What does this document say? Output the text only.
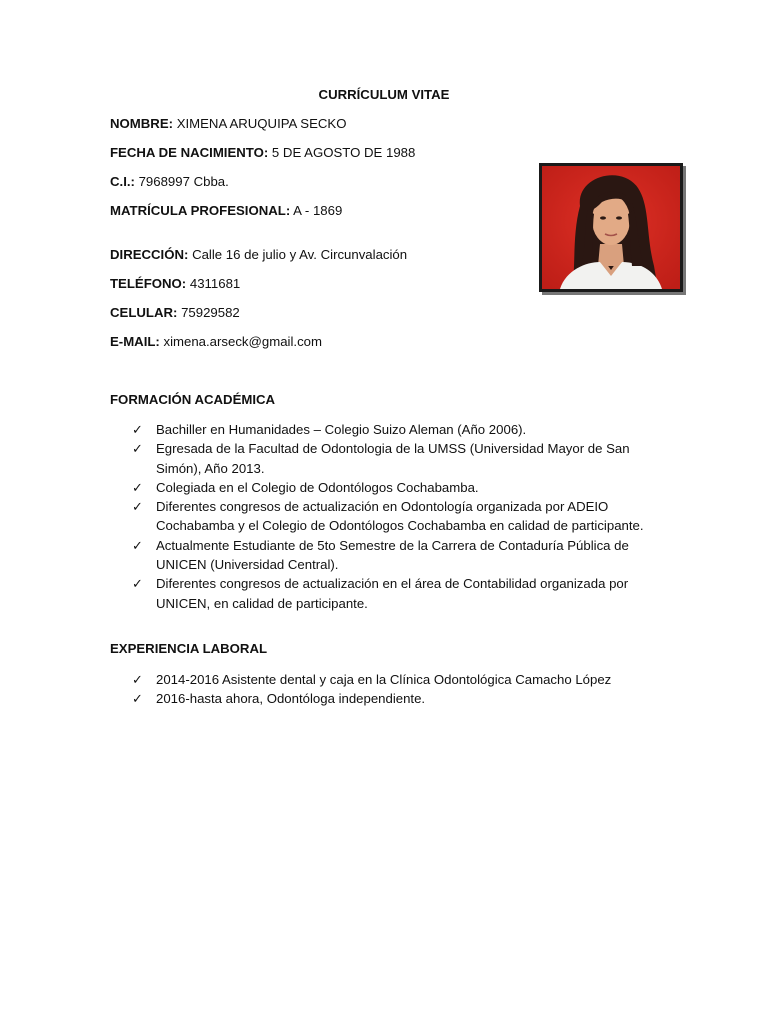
CURRÍCULUM VITAE
NOMBRE: XIMENA ARUQUIPA SECKO
FECHA DE NACIMIENTO: 5 DE AGOSTO DE 1988
C.I.: 7968997 Cbba.
MATRÍCULA PROFESIONAL: A - 1869
DIRECCIÓN: Calle 16 de julio y Av. Circunvalación
TELÉFONO: 4311681
CELULAR: 75929582
E-MAIL: ximena.arseck@gmail.com
FORMACIÓN ACADÉMICA
✓ Bachiller en Humanidades – Colegio Suizo Aleman (Año 2006).
✓ Egresada de la Facultad de Odontologia de la UMSS (Universidad Mayor de San Simón), Año 2013.
✓ Colegiada en el Colegio de Odontólogos Cochabamba.
✓ Diferentes congresos de actualización en Odontología organizada por ADEIO Cochabamba y el Colegio de Odontólogos Cochabamba en calidad de participante.
✓ Actualmente Estudiante de 5to Semestre de la Carrera de Contaduría Pública de UNICEN (Universidad Central).
✓ Diferentes congresos de actualización en el área de Contabilidad organizada por UNICEN, en calidad de participante.
EXPERIENCIA LABORAL
✓ 2014-2016 Asistente dental y caja en la Clínica Odontológica Camacho López
✓ 2016-hasta ahora, Odontóloga independiente.
